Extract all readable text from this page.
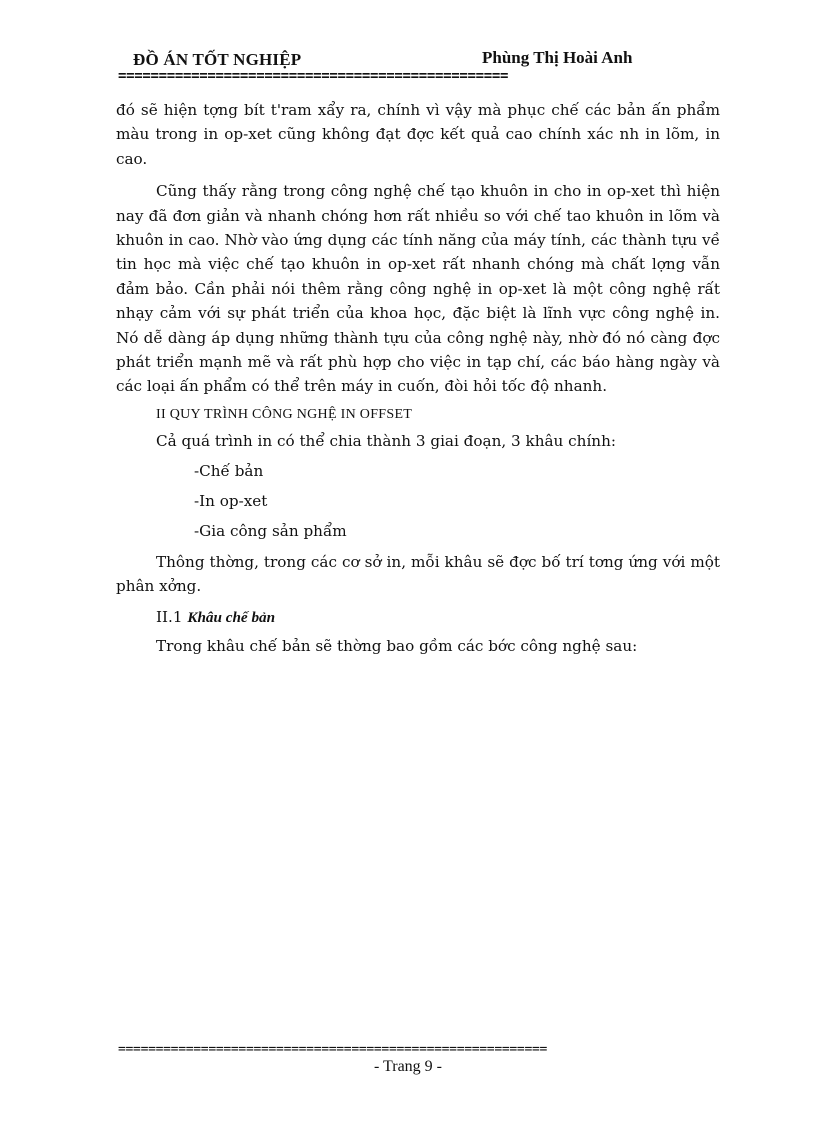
ĐỒ ÁN TỐT NGHIỆP	Phùng Thị Hoài Anh
================================================

đó sẽ hiện tợng bít t'ram xẩy ra, chính vì vậy mà phục chế các bản ấn phẩm màu trong in op-xet cũng không đạt đợc kết quả cao chính xác nh in lõm, in cao.

Cũng thấy rằng trong công nghệ chế tạo khuôn in cho in op-xet thì hiện nay đã đơn giản và nhanh chóng hơn rất nhiều so với chế tao khuôn in lõm và khuôn in cao. Nhờ vào ứng dụng các tính năng của máy tính, các thành tựu về tin học mà việc chế tạo khuôn in op-xet rất nhanh chóng mà chất lợng vẫn đảm bảo. Cần phải nói thêm rằng công nghệ in op-xet là một công nghệ rất nhạy cảm với sự phát triển của khoa học, đặc biệt là lĩnh vực công nghệ in. Nó dễ dàng áp dụng những thành tựu của công nghệ này, nhờ đó nó càng đợc phát triển mạnh mẽ và rất phù hợp cho việc in tạp chí, các báo hàng ngày và các loại ấn phẩm có thể trên máy in cuốn, đòi hỏi tốc độ nhanh.

II QUY TRÌNH CÔNG NGHỆ IN OFFSET

Cả quá trình in có thể chia thành 3 giai đoạn, 3 khâu chính:

-Chế bản

-In op-xet

-Gia công sản phẩm

Thông thờng, trong các cơ sở in, mỗi khâu sẽ đợc bố trí tơng ứng với một phân xởng.

II.1 Khâu chế bản

Trong khâu chế bản sẽ thờng bao gồm các bớc công nghệ sau:

=========================================================
- Trang 9 -
